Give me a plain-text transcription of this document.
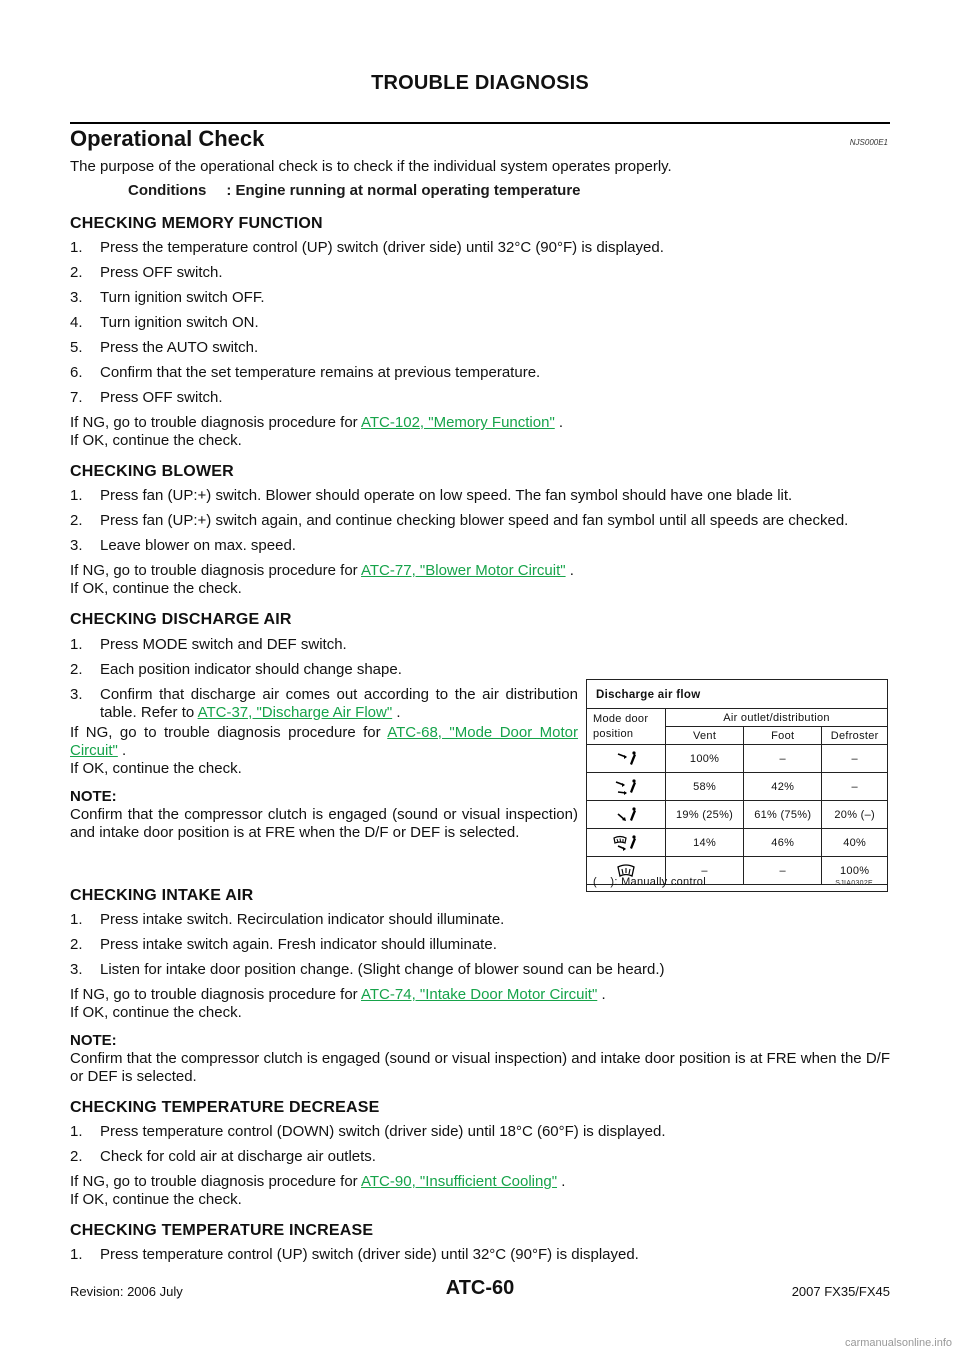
TROUBLE DIAGNOSIS
Operational Check	NJS000E1

The purpose of the operational check is to check if the individual system operates properly.

Conditions : Engine running at normal operating temperature

CHECKING MEMORY FUNCTION
1.	Press the temperature control (UP) switch (driver side) until 32°C (90°F) is displayed.
2.	Press OFF switch.
3.	Turn ignition switch OFF.
4.	Turn ignition switch ON.
5.	Press the AUTO switch.
6.	Confirm that the set temperature remains at previous temperature.
7.	Press OFF switch.

If NG, go to trouble diagnosis procedure for ATC-102, "Memory Function" .

If OK, continue the check.

CHECKING BLOWER
1.	Press fan (UP:+) switch. Blower should operate on low speed. The fan symbol should have one blade lit.
2.	Press fan (UP:+) switch again, and continue checking blower speed and fan symbol until all speeds are checked.
3.	Leave blower on max. speed.

If NG, go to trouble diagnosis procedure for ATC-77, "Blower Motor Circuit" .

If OK, continue the check.

CHECKING DISCHARGE AIR
1.	Press MODE switch and DEF switch.
2.	Each position indicator should change shape.
3.	Confirm that discharge air comes out according to the air distribution table. Refer to ATC-37, "Discharge Air Flow" .

If NG, go to trouble diagnosis procedure for ATC-68, "Mode Door Motor Circuit" .

If OK, continue the check.

NOTE:

Confirm that the compressor clutch is engaged (sound or visual inspection) and intake door position is at FRE when the D/F or DEF is selected.

CHECKING INTAKE AIR
1.	Press intake switch. Recirculation indicator should illuminate.
2.	Press intake switch again. Fresh indicator should illuminate.
3.	Listen for intake door position change. (Slight change of blower sound can be heard.)

If NG, go to trouble diagnosis procedure for ATC-74, "Intake Door Motor Circuit" .

If OK, continue the check.

NOTE:

Confirm that the compressor clutch is engaged (sound or visual inspection) and intake door position is at FRE when the D/F or DEF is selected.

CHECKING TEMPERATURE DECREASE
1.	Press temperature control (DOWN) switch (driver side) until 18°C (60°F) is displayed.
2.	Check for cold air at discharge air outlets.

If NG, go to trouble diagnosis procedure for ATC-90, "Insufficient Cooling" .

If OK, continue the check.

CHECKING TEMPERATURE INCREASE
1.	Press temperature control (UP) switch (driver side) until 32°C (90°F) is displayed.
Discharge air flow
Mode door position	Air outlet/distribution		
	Vent	Foot	Defroster
	100%	–	–
	58%	42%	–
	19% (25%)	61% (75%)	20% (–)
	14%	46%	40%
	–	–	100%
(    ): Manually control	SJIA0302E
Revision: 2006 July	ATC-60	2007 FX35/FX45
carmanualsonline.info
